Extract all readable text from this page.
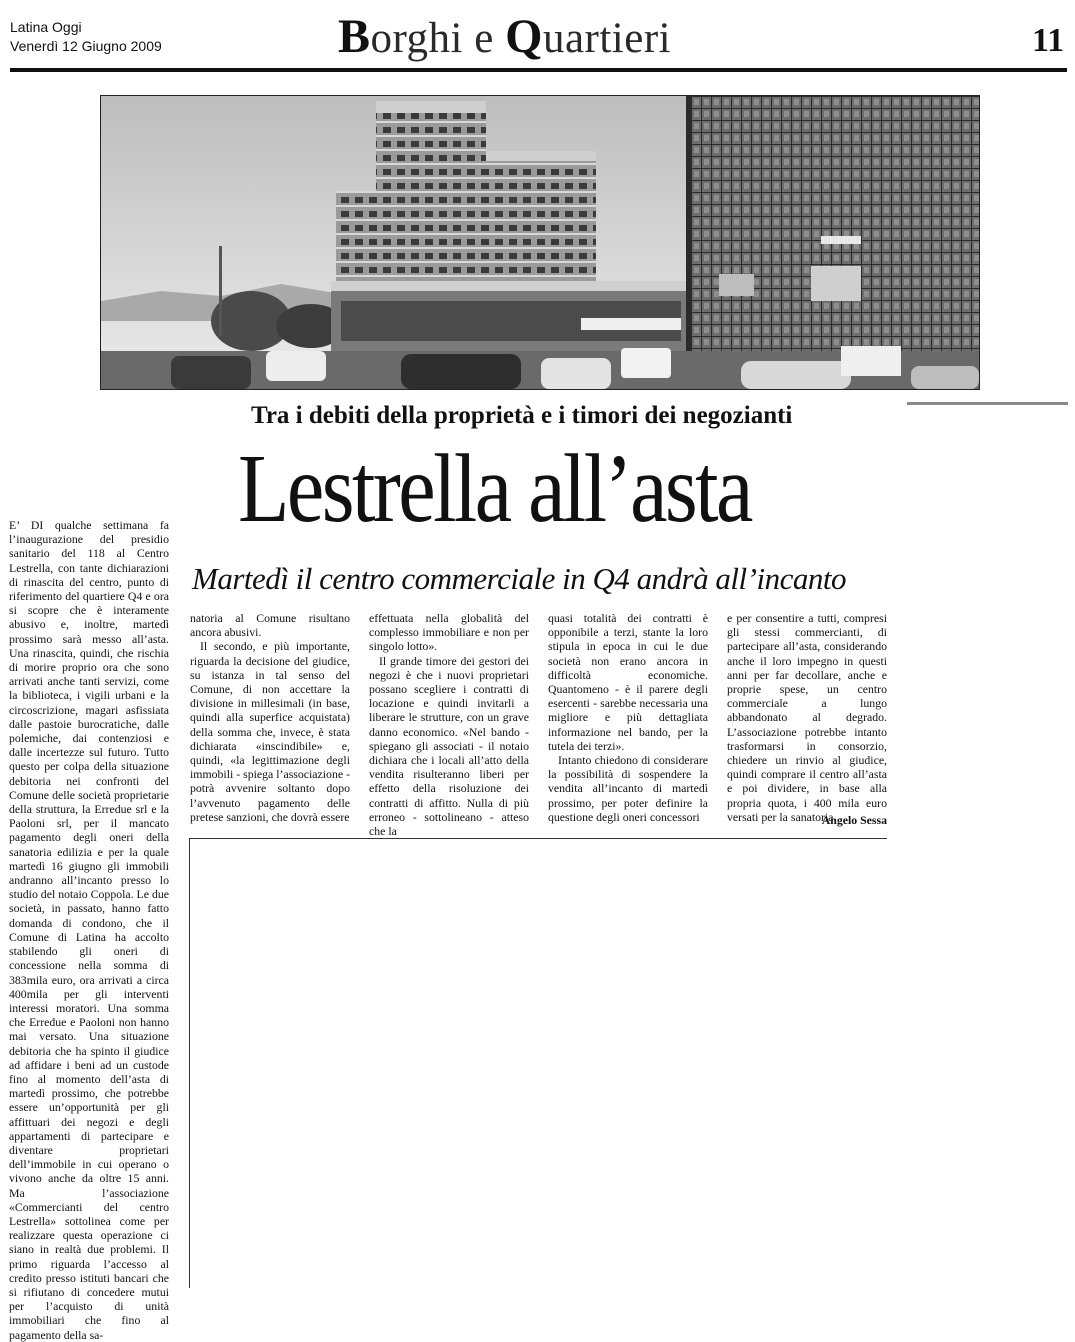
Latina Oggi
Venerdì 12 Giugno 2009	Borghi e Quartieri	11
Tra i debiti della proprietà e i timori dei negozianti
Lestrella all’asta
Martedì il centro commerciale in Q4 andrà all’incanto

E’ DI qualche settimana fa l’inaugurazione del presidio sanitario del 118 al Centro Lestrella, con tante dichiarazioni di rinascita del centro, punto di riferimento del quartiere Q4 e ora si scopre che è interamente abusivo e, inoltre, martedì prossimo sarà messo all’asta. Una rinascita, quindi, che rischia di morire proprio ora che sono arrivati anche tanti servizi, come la biblioteca, i vigili urbani e la circoscrizione, magari asfissiata dalle pastoie burocratiche, dalle polemiche, dai contenziosi e dalle incertezze sul futuro. Tutto questo per colpa della situazione debitoria nei confronti del Comune delle società proprietarie della struttura, la Erredue srl e la Paoloni srl, per il mancato pagamento degli oneri della sanatoria edilizia e per la quale martedì 16 giugno gli immobili andranno all’incanto presso lo studio del notaio Coppola. Le due società, in passato, hanno fatto domanda di condono, che il Comune di Latina ha accolto stabilendo gli oneri di concessione nella somma di 383mila euro, ora arrivati a circa 400mila per gli interventi interessi moratori. Una somma che Erredue e Paoloni non hanno mai versato. Una situazione debitoria che ha spinto il giudice ad affidare i beni ad un custode fino al momento dell’asta di martedì prossimo, che potrebbe essere un’opportunità per gli affittuari dei negozi e degli appartamenti di partecipare e diventare proprietari dell’immobile in cui operano o vivono anche da oltre 15 anni. Ma l’associazione «Commercianti del centro Lestrella» sottolinea come per realizzare questa operazione ci siano in realtà due problemi. Il primo riguarda l’accesso al credito presso istituti bancari che si rifiutano di concedere mutui per l’acquisto di unità immobiliari che fino al pagamento della sa-

natoria al Comune risultano ancora abusivi.

Il secondo, e più importante, riguarda la decisione del giudice, su istanza in tal senso del Comune, di non accettare la divisione in millesimali (in base, quindi alla superfice acquistata) della somma che, invece, è stata dichiarata «inscindibile» e, quindi, «la legittimazione degli immobili - spiega l’associazione - potrà avvenire soltanto dopo l’avvenuto pagamento delle pretese sanzioni, che dovrà essere

effettuata nella globalità del complesso immobiliare e non per singolo lotto».

Il grande timore dei gestori dei negozi è che i nuovi proprietari possano scegliere i contratti di locazione e quindi invitarli a liberare le strutture, con un grave danno economico. «Nel bando - spiegano gli associati - il notaio dichiara che i locali all’atto della vendita risulteranno liberi per effetto della risoluzione dei contratti di affitto. Nulla di più erroneo - sottolineano - atteso che la

quasi totalità dei contratti è opponibile a terzi, stante la loro stipula in epoca in cui le due società non erano ancora in difficoltà economiche. Quantomeno - è il parere degli esercenti - sarebbe necessaria una migliore e più dettagliata informazione nel bando, per la tutela dei terzi».

Intanto chiedono di considerare la possibilità di sospendere la vendita all’incanto di martedì prossimo, per poter definire la questione degli oneri concessori

e per consentire a tutti, compresi gli stessi commercianti, di partecipare all’asta, considerando anche il loro impegno in questi anni per far decollare, anche e proprie spese, un centro commerciale a lungo abbandonato al degrado. L’associazione potrebbe intanto trasformarsi in consorzio, chiedere un rinvio al giudice, quindi comprare il centro all’asta e poi dividere, in base alla propria quota, i 400 mila euro versati per la sanatoria.

Angelo Sessa
